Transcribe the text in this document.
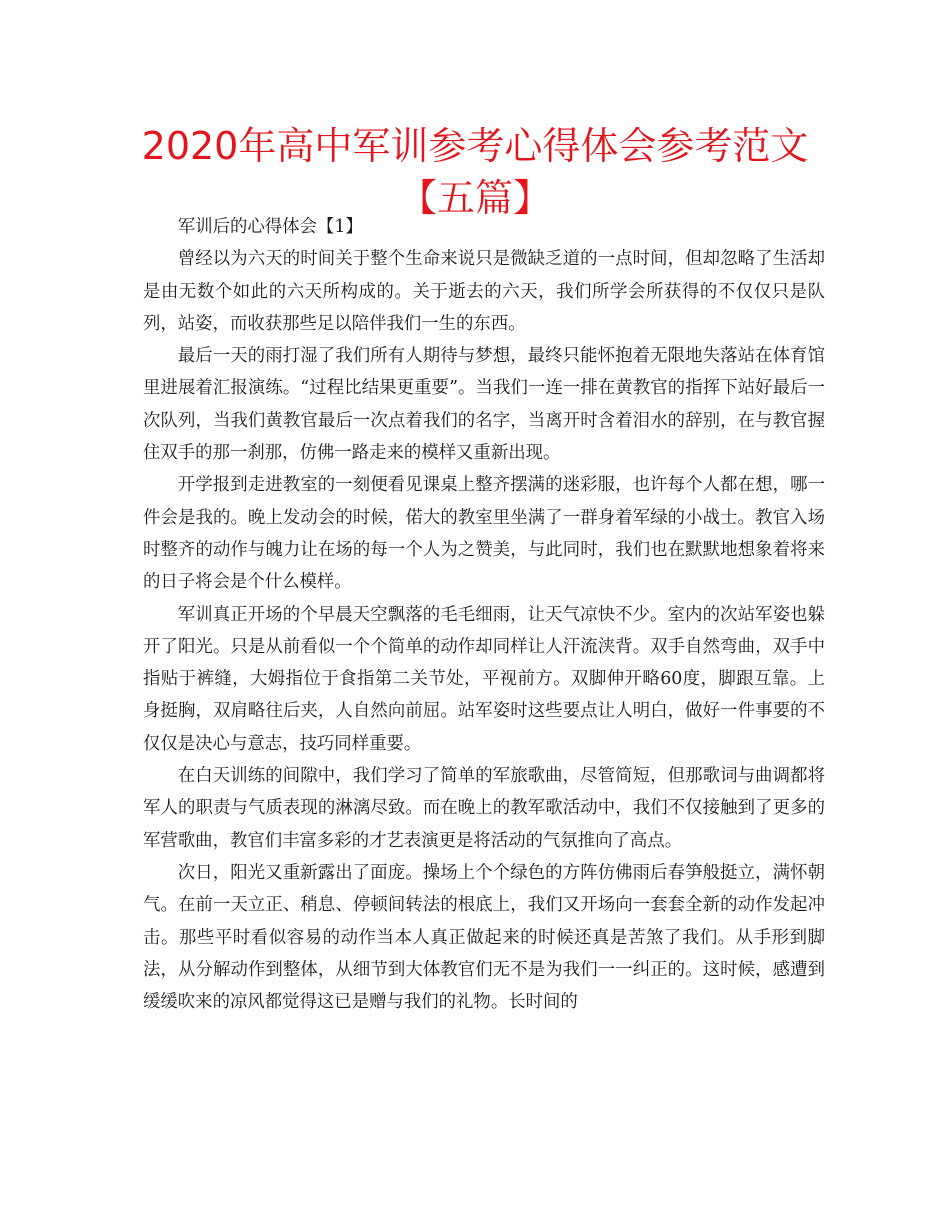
2020年高中军训参考心得体会参考范文
【五篇】

军训后的心得体会【1】

曾经以为六天的时间关于整个生命来说只是微缺乏道的一点时间，但却忽略了生活却是由无数个如此的六天所构成的。关于逝去的六天，我们所学会所获得的不仅仅只是队列，站姿，而收获那些足以陪伴我们一生的东西。

最后一天的雨打湿了我们所有人期待与梦想，最终只能怀抱着无限地失落站在体育馆里进展着汇报演练。“过程比结果更重要”。当我们一连一排在黄教官的指挥下站好最后一次队列，当我们黄教官最后一次点着我们的名字，当离开时含着泪水的辞别，在与教官握住双手的那一刹那，仿佛一路走来的模样又重新出现。

开学报到走进教室的一刻便看见课桌上整齐摆满的迷彩服，也许每个人都在想，哪一件会是我的。晚上发动会的时候，偌大的教室里坐满了一群身着军绿的小战士。教官入场时整齐的动作与魄力让在场的每一个人为之赞美，与此同时，我们也在默默地想象着将来的日子将会是个什么模样。

军训真正开场的个早晨天空飘落的毛毛细雨，让天气凉快不少。室内的次站军姿也躲开了阳光。只是从前看似一个个简单的动作却同样让人汗流浃背。双手自然弯曲，双手中指贴于裤缝，大姆指位于食指第二关节处，平视前方。双脚伸开略60度，脚跟互靠。上身挺胸，双肩略往后夹，人自然向前屈。站军姿时这些要点让人明白，做好一件事要的不仅仅是决心与意志，技巧同样重要。

在白天训练的间隙中，我们学习了简单的军旅歌曲，尽管简短，但那歌词与曲调都将军人的职责与气质表现的淋漓尽致。而在晚上的教军歌活动中，我们不仅接触到了更多的军营歌曲，教官们丰富多彩的才艺表演更是将活动的气氛推向了高点。

次日，阳光又重新露出了面庞。操场上个个绿色的方阵仿佛雨后春笋般挺立，满怀朝气。在前一天立正、稍息、停顿间转法的根底上，我们又开场向一套套全新的动作发起冲击。那些平时看似容易的动作当本人真正做起来的时候还真是苦煞了我们。从手形到脚法，从分解动作到整体，从细节到大体教官们无不是为我们一一纠正的。这时候，感遭到缓缓吹来的凉风都觉得这已是赠与我们的礼物。长时间的
